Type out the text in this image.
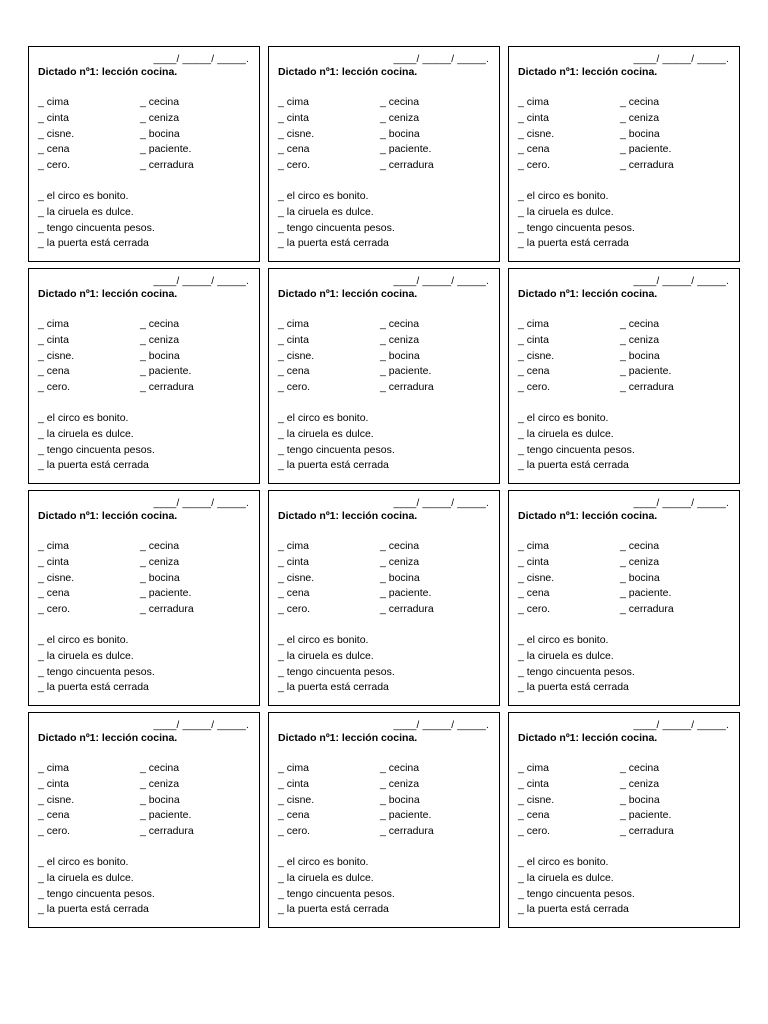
____/ _____/ _____.
Dictado nº1: lección cocina.
_ cima	_ cecina
_ cinta	_ ceniza
_ cisne.	_ bocina
_ cena	_ paciente.
_ cero.	_ cerradura
_ el circo es bonito.
_ la ciruela es dulce.
_ tengo cincuenta pesos.
_ la puerta está cerrada
____/ _____/ _____.
Dictado nº1: lección cocina.
_ cima	_ cecina
_ cinta	_ ceniza
_ cisne.	_ bocina
_ cena	_ paciente.
_ cero.	_ cerradura
_ el circo es bonito.
_ la ciruela es dulce.
_ tengo cincuenta pesos.
_ la puerta está cerrada
____/ _____/ _____.
Dictado nº1: lección cocina.
_ cima	_ cecina
_ cinta	_ ceniza
_ cisne.	_ bocina
_ cena	_ paciente.
_ cero.	_ cerradura
_ el circo es bonito.
_ la ciruela es dulce.
_ tengo cincuenta pesos.
_ la puerta está cerrada
____/ _____/ _____.
Dictado nº1: lección cocina.
_ cima	_ cecina
_ cinta	_ ceniza
_ cisne.	_ bocina
_ cena	_ paciente.
_ cero.	_ cerradura
_ el circo es bonito.
_ la ciruela es dulce.
_ tengo cincuenta pesos.
_ la puerta está cerrada
____/ _____/ _____.
Dictado nº1: lección cocina.
_ cima	_ cecina
_ cinta	_ ceniza
_ cisne.	_ bocina
_ cena	_ paciente.
_ cero.	_ cerradura
_ el circo es bonito.
_ la ciruela es dulce.
_ tengo cincuenta pesos.
_ la puerta está cerrada
____/ _____/ _____.
Dictado nº1: lección cocina.
_ cima	_ cecina
_ cinta	_ ceniza
_ cisne.	_ bocina
_ cena	_ paciente.
_ cero.	_ cerradura
_ el circo es bonito.
_ la ciruela es dulce.
_ tengo cincuenta pesos.
_ la puerta está cerrada
____/ _____/ _____.
Dictado nº1: lección cocina.
_ cima	_ cecina
_ cinta	_ ceniza
_ cisne.	_ bocina
_ cena	_ paciente.
_ cero.	_ cerradura
_ el circo es bonito.
_ la ciruela es dulce.
_ tengo cincuenta pesos.
_ la puerta está cerrada
____/ _____/ _____.
Dictado nº1: lección cocina.
_ cima	_ cecina
_ cinta	_ ceniza
_ cisne.	_ bocina
_ cena	_ paciente.
_ cero.	_ cerradura
_ el circo es bonito.
_ la ciruela es dulce.
_ tengo cincuenta pesos.
_ la puerta está cerrada
____/ _____/ _____.
Dictado nº1: lección cocina.
_ cima	_ cecina
_ cinta	_ ceniza
_ cisne.	_ bocina
_ cena	_ paciente.
_ cero.	_ cerradura
_ el circo es bonito.
_ la ciruela es dulce.
_ tengo cincuenta pesos.
_ la puerta está cerrada
____/ _____/ _____.
Dictado nº1: lección cocina.
_ cima	_ cecina
_ cinta	_ ceniza
_ cisne.	_ bocina
_ cena	_ paciente.
_ cero.	_ cerradura
_ el circo es bonito.
_ la ciruela es dulce.
_ tengo cincuenta pesos.
_ la puerta está cerrada
____/ _____/ _____.
Dictado nº1: lección cocina.
_ cima	_ cecina
_ cinta	_ ceniza
_ cisne.	_ bocina
_ cena	_ paciente.
_ cero.	_ cerradura
_ el circo es bonito.
_ la ciruela es dulce.
_ tengo cincuenta pesos.
_ la puerta está cerrada
____/ _____/ _____.
Dictado nº1: lección cocina.
_ cima	_ cecina
_ cinta	_ ceniza
_ cisne.	_ bocina
_ cena	_ paciente.
_ cero.	_ cerradura
_ el circo es bonito.
_ la ciruela es dulce.
_ tengo cincuenta pesos.
_ la puerta está cerrada
